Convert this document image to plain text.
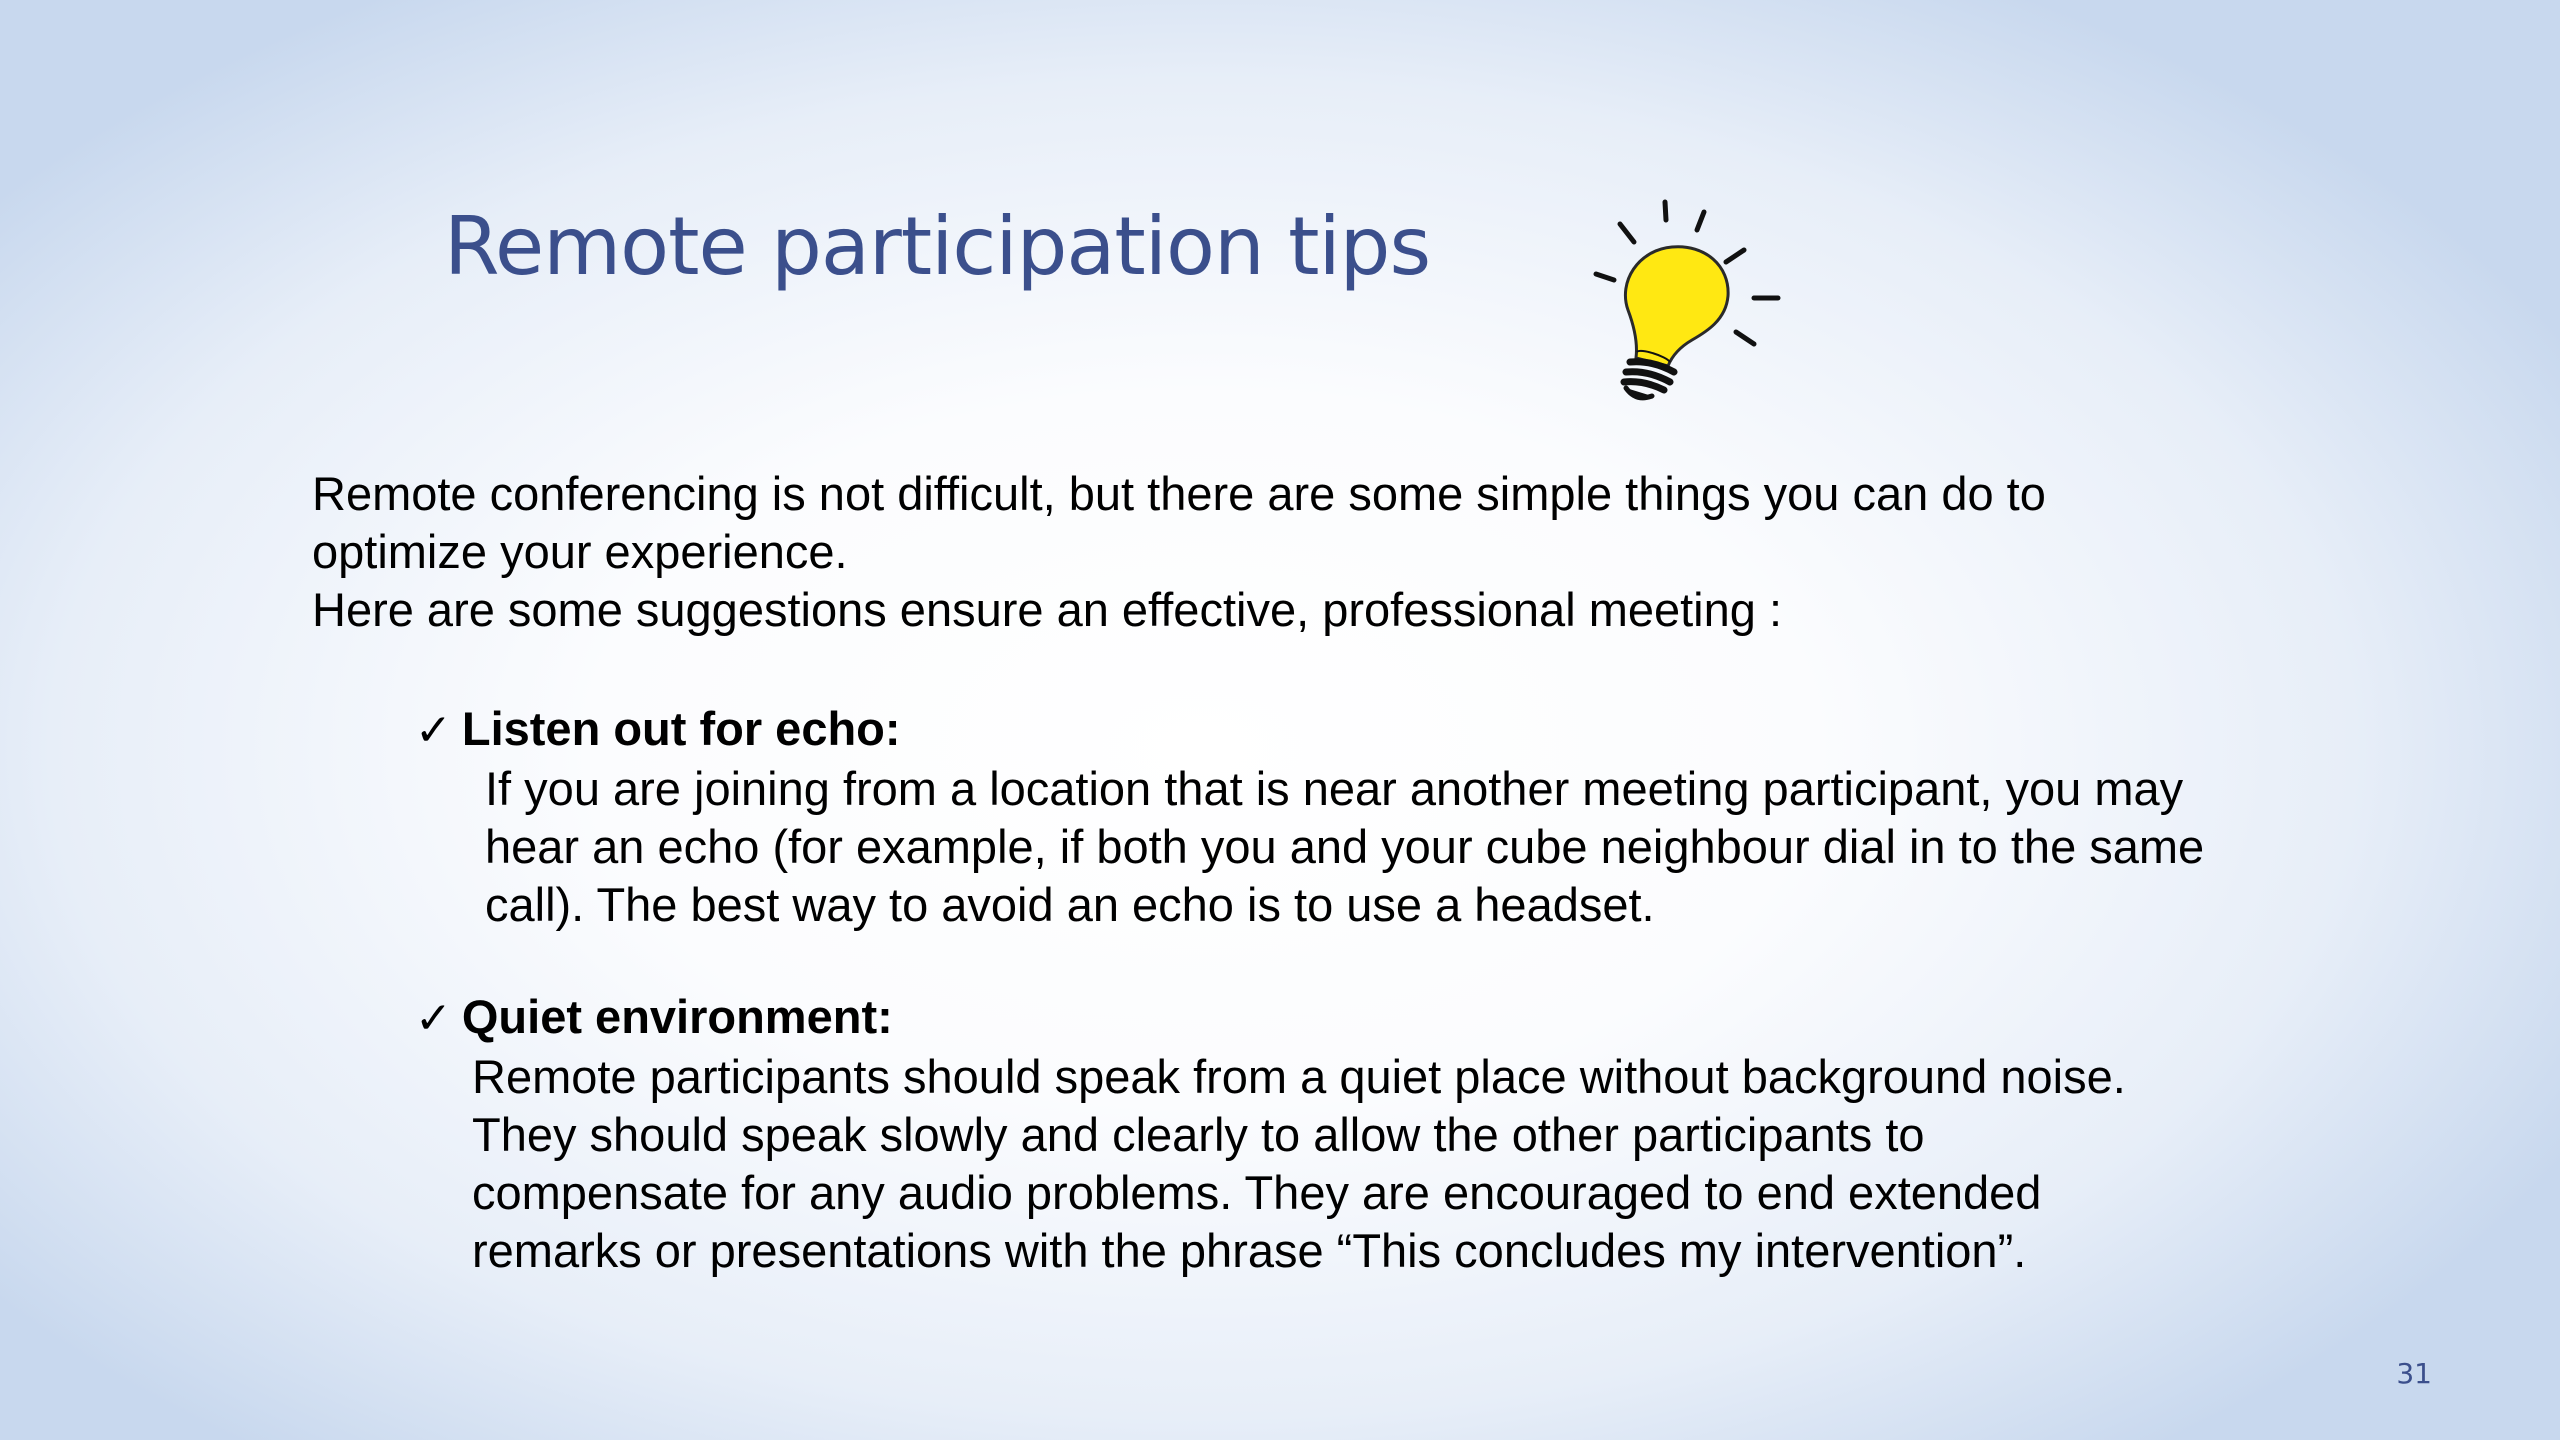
Remote participation tips

Remote conferencing is not difficult, but there are some simple things you can do to optimize your experience.

Here are some suggestions ensure an effective, professional meeting :

✓ Listen out for echo:

If you are joining from a location that is near another meeting participant, you may hear an echo (for example, if both you and your cube neighbour dial in to the same call). The best way to avoid an echo is to use a headset.

✓ Quiet environment:

Remote participants should speak from a quiet place without background noise. They should speak slowly and clearly to allow the other participants to compensate for any audio problems. They are encouraged to end extended remarks or presentations with the phrase “This concludes my intervention”.

31
